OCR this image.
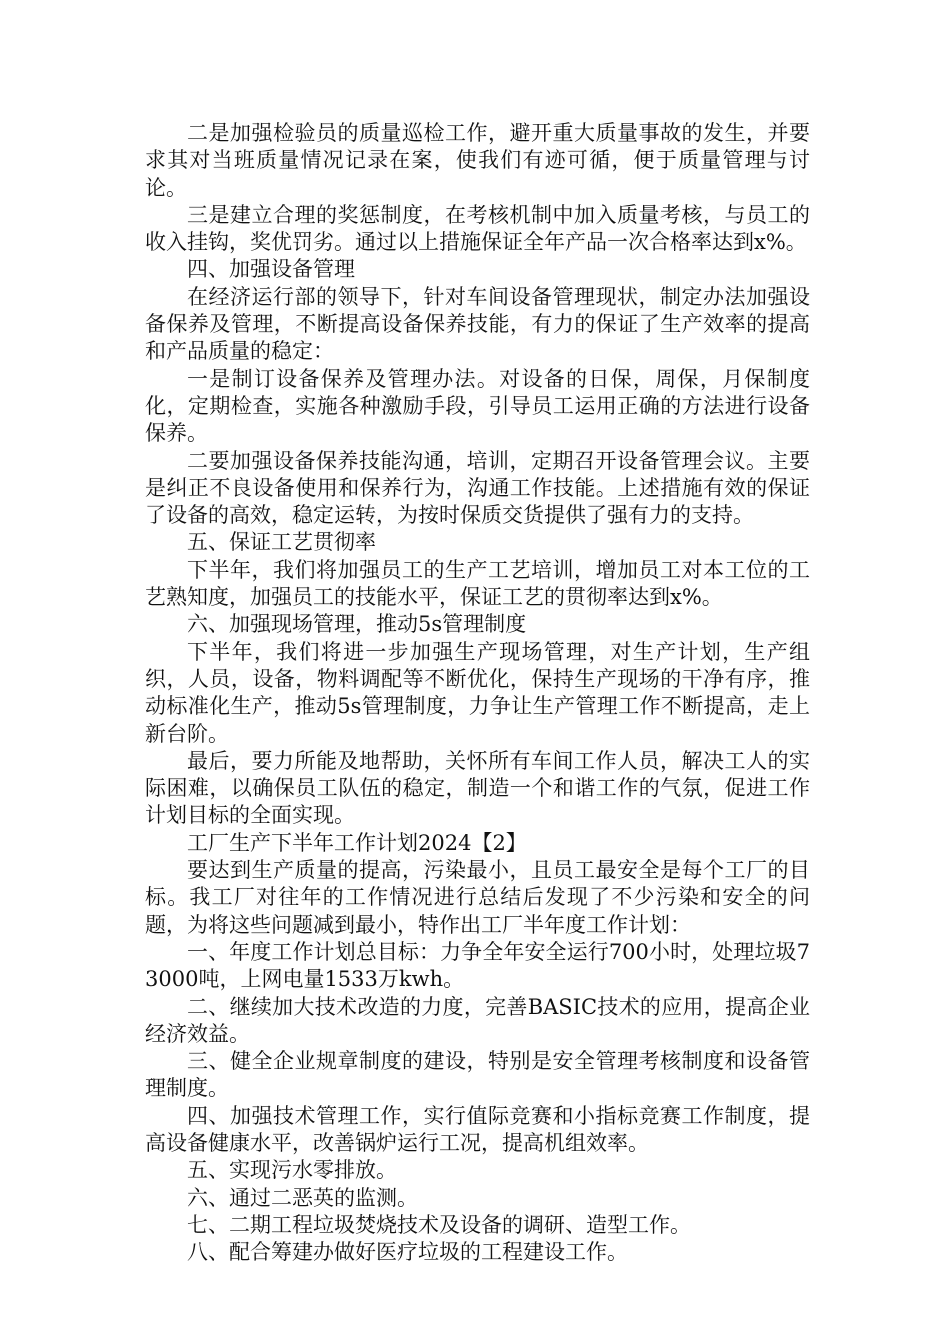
二是加强检验员的质量巡检工作，避开重大质量事故的发生，并要求其对当班质量情况记录在案，使我们有迹可循，便于质量管理与讨论。

三是建立合理的奖惩制度，在考核机制中加入质量考核，与员工的收入挂钩，奖优罚劣。通过以上措施保证全年产品一次合格率达到x%。

四、加强设备管理

在经济运行部的领导下，针对车间设备管理现状，制定办法加强设备保养及管理，不断提高设备保养技能，有力的保证了生产效率的提高和产品质量的稳定：

一是制订设备保养及管理办法。对设备的日保，周保，月保制度化，定期检查，实施各种激励手段，引导员工运用正确的方法进行设备保养。

二要加强设备保养技能沟通，培训，定期召开设备管理会议。主要是纠正不良设备使用和保养行为，沟通工作技能。上述措施有效的保证了设备的高效，稳定运转，为按时保质交货提供了强有力的支持。

五、保证工艺贯彻率

下半年，我们将加强员工的生产工艺培训，增加员工对本工位的工艺熟知度，加强员工的技能水平，保证工艺的贯彻率达到x%。

六、加强现场管理，推动5s管理制度

下半年，我们将进一步加强生产现场管理，对生产计划，生产组织，人员，设备，物料调配等不断优化，保持生产现场的干净有序，推动标准化生产，推动5s管理制度，力争让生产管理工作不断提高，走上新台阶。

最后，要力所能及地帮助，关怀所有车间工作人员，解决工人的实际困难，以确保员工队伍的稳定，制造一个和谐工作的气氛，促进工作计划目标的全面实现。

工厂生产下半年工作计划2024【2】

要达到生产质量的提高，污染最小，且员工最安全是每个工厂的目标。我工厂对往年的工作情况进行总结后发现了不少污染和安全的问题，为将这些问题减到最小，特作出工厂半年度工作计划：

一、年度工作计划总目标：力争全年安全运行700小时，处理垃圾73000吨，上网电量1533万kwh。

二、继续加大技术改造的力度，完善BASIC技术的应用，提高企业经济效益。

三、健全企业规章制度的建设，特别是安全管理考核制度和设备管理制度。

四、加强技术管理工作，实行值际竞赛和小指标竞赛工作制度，提高设备健康水平，改善锅炉运行工况，提高机组效率。

五、实现污水零排放。

六、通过二恶英的监测。

七、二期工程垃圾焚烧技术及设备的调研、造型工作。

八、配合筹建办做好医疗垃圾的工程建设工作。
